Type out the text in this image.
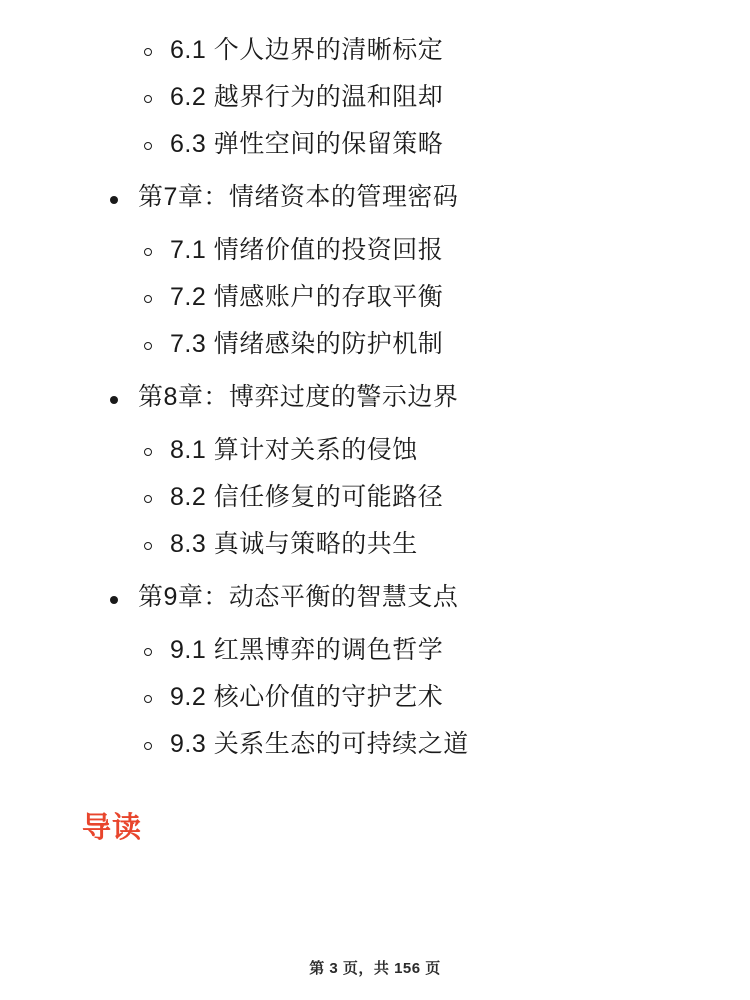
6.1 个人边界的清晰标定
6.2 越界行为的温和阻却
6.3 弹性空间的保留策略
第7章：情绪资本的管理密码
7.1 情绪价值的投资回报
7.2 情感账户的存取平衡
7.3 情绪感染的防护机制
第8章：博弈过度的警示边界
8.1 算计对关系的侵蚀
8.2 信任修复的可能路径
8.3 真诚与策略的共生
第9章：动态平衡的智慧支点
9.1 红黑博弈的调色哲学
9.2 核心价值的守护艺术
9.3 关系生态的可持续之道
导读
第 3 页，共 156 页
